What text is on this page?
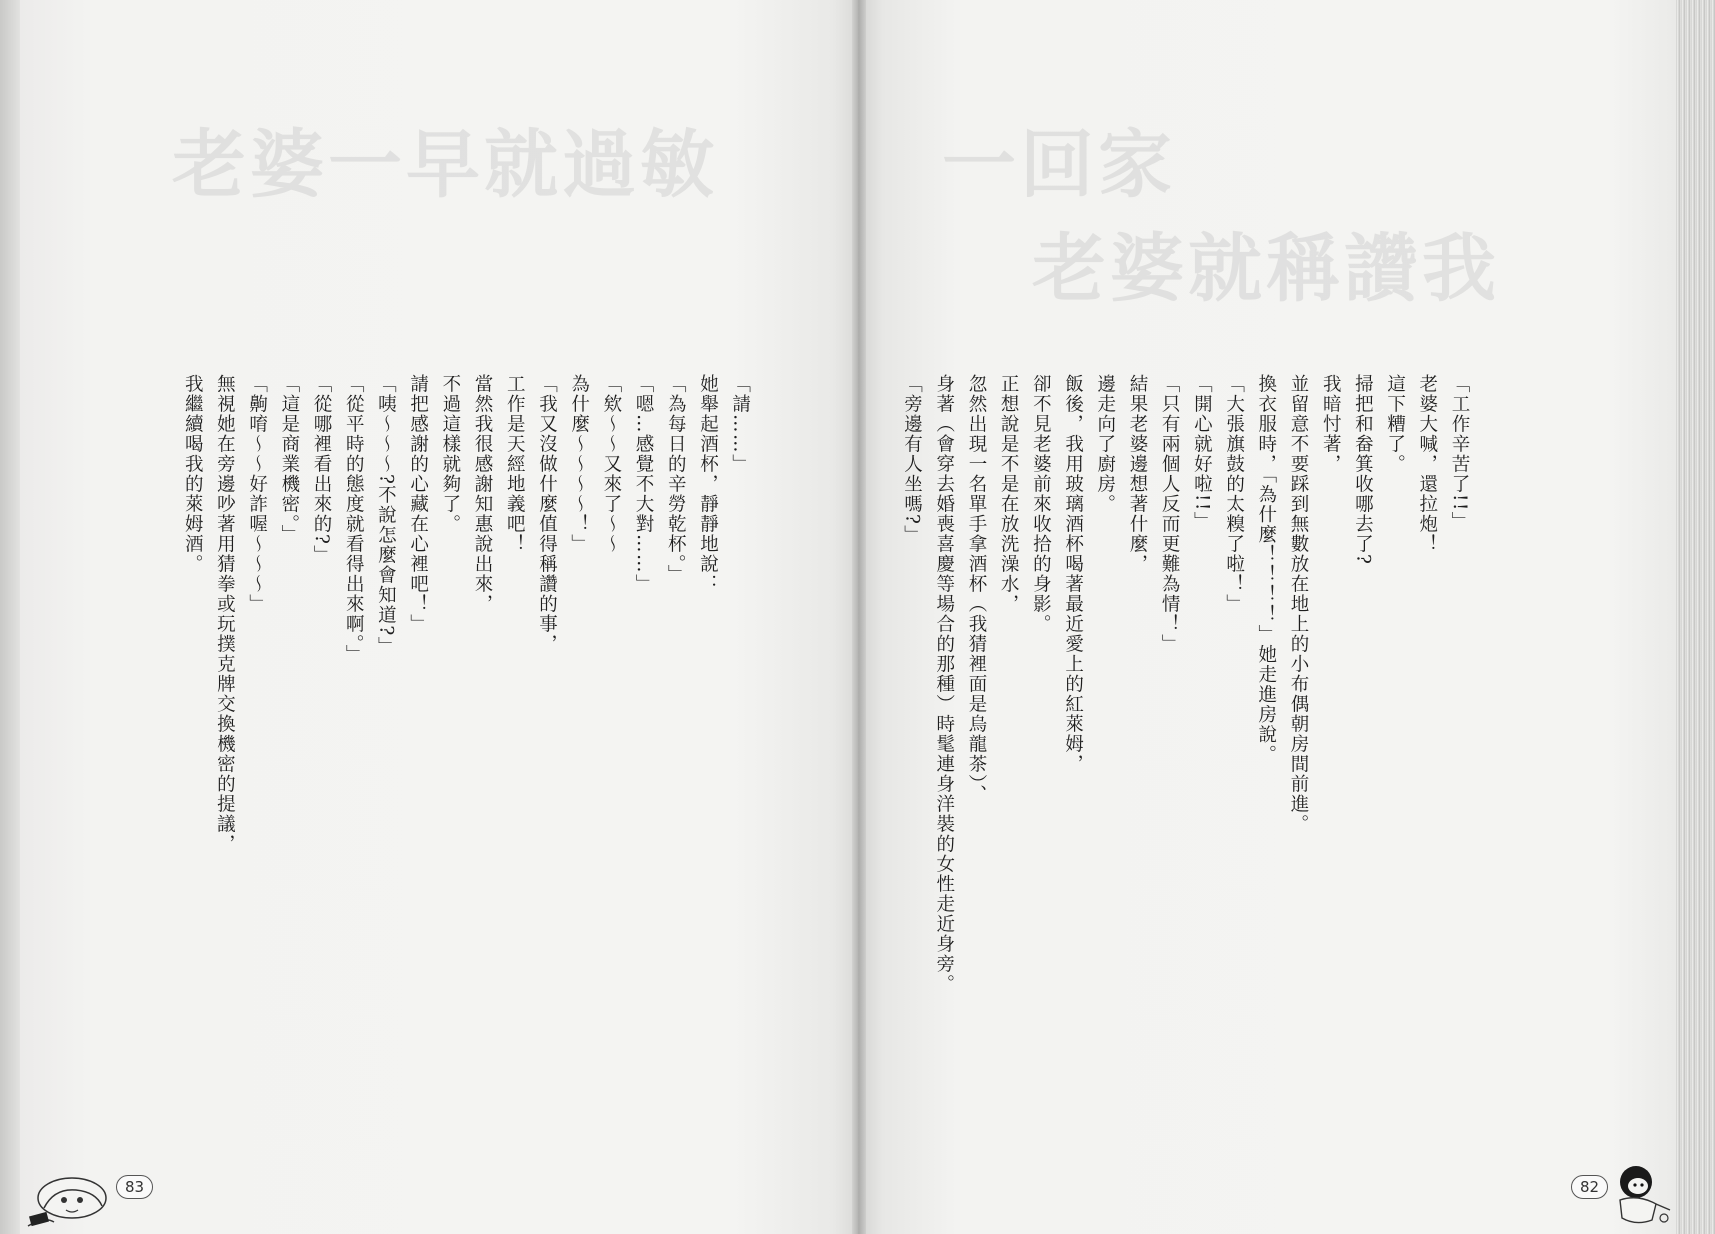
老婆一早就過敏	一回家
老婆就稱讚我

「工作辛苦了!!」

老婆大喊，還拉炮！

這下糟了。

掃把和畚箕收哪去了?

我暗忖著，

並留意不要踩到無數放在地上的小布偶朝房間前進。

換衣服時，「為什麼！！！！」她走進房說。

「大張旗鼓的太糗了啦！」

「開心就好啦!!」

「只有兩個人反而更難為情！」

結果老婆邊想著什麼，

邊走向了廚房。

飯後，我用玻璃酒杯喝著最近愛上的紅萊姆，

卻不見老婆前來收拾的身影。

正想說是不是在放洗澡水，

忽然出現一名單手拿酒杯（我猜裡面是烏龍茶）、

身著（會穿去婚喪喜慶等場合的那種）時髦連身洋裝的女性走近身旁。

「旁邊有人坐嗎?」

「請……」

她舉起酒杯，靜靜地說：

「為每日的辛勞乾杯。」

「嗯…感覺不大對……」

「欸～～又來了～～

為什麼～～～～！」

「我又沒做什麼值得稱讚的事，

工作是天經地義吧！

當然我很感謝知惠說出來，

不過這樣就夠了。

請把感謝的心藏在心裡吧！」

「咦～～～?不說怎麼會知道?」

「從平時的態度就看得出來啊。」

「從哪裡看出來的?」

「這是商業機密。」

「齁唷～～好詐喔～～～」

無視她在旁邊吵著用猜拳或玩撲克牌交換機密的提議，

我繼續喝我的萊姆酒。

83	82
